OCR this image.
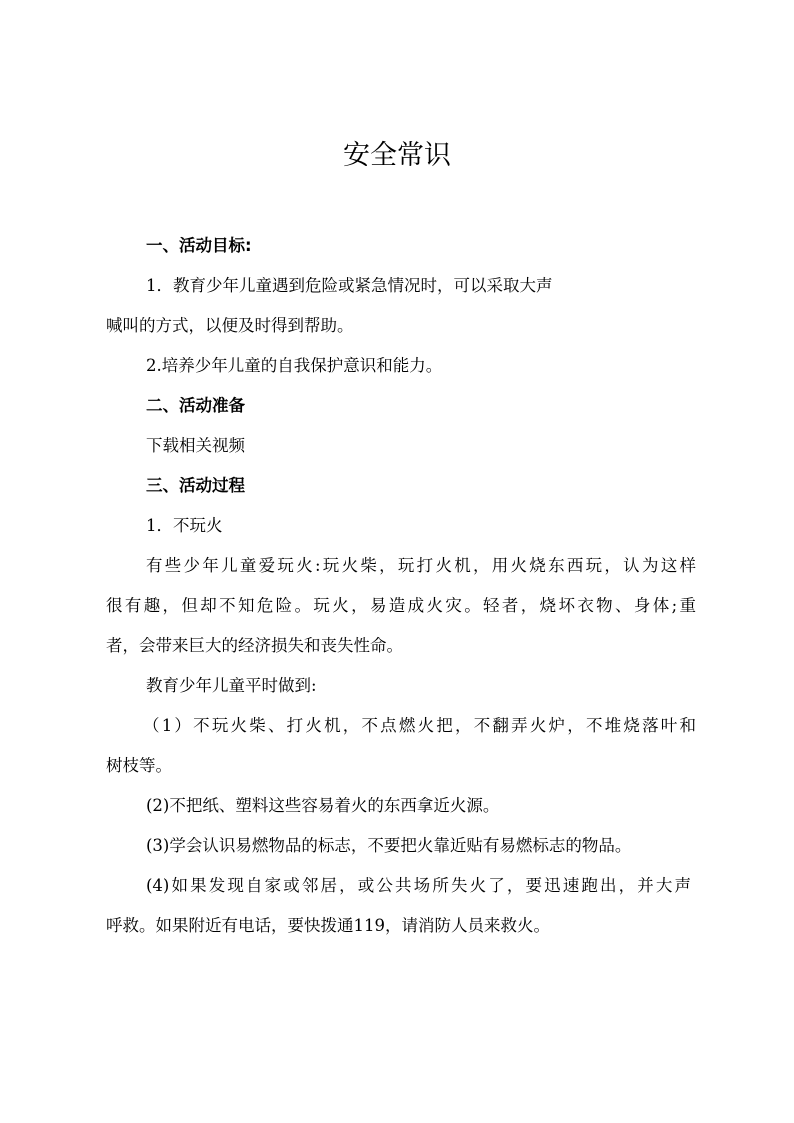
安全常识
一、活动目标:
1．教育少年儿童遇到危险或紧急情况时，可以采取大声
喊叫的方式，以便及时得到帮助。
2.培养少年儿童的自我保护意识和能力。
二、活动准备
下载相关视频
三、活动过程
1．不玩火
有些少年儿童爱玩火:玩火柴，玩打火机，用火烧东西玩，认为这样
很有趣，但却不知危险。玩火，易造成火灾。轻者，烧坏衣物、身体;重
者，会带来巨大的经济损失和丧失性命。
教育少年儿童平时做到:
（1）不玩火柴、打火机，不点燃火把，不翻弄火炉，不堆烧落叶和
树枝等。
(2)不把纸、塑料这些容易着火的东西拿近火源。
(3)学会认识易燃物品的标志，不要把火靠近贴有易燃标志的物品。
(4)如果发现自家或邻居，或公共场所失火了，要迅速跑出，并大声
呼救。如果附近有电话，要快拨通119，请消防人员来救火。
